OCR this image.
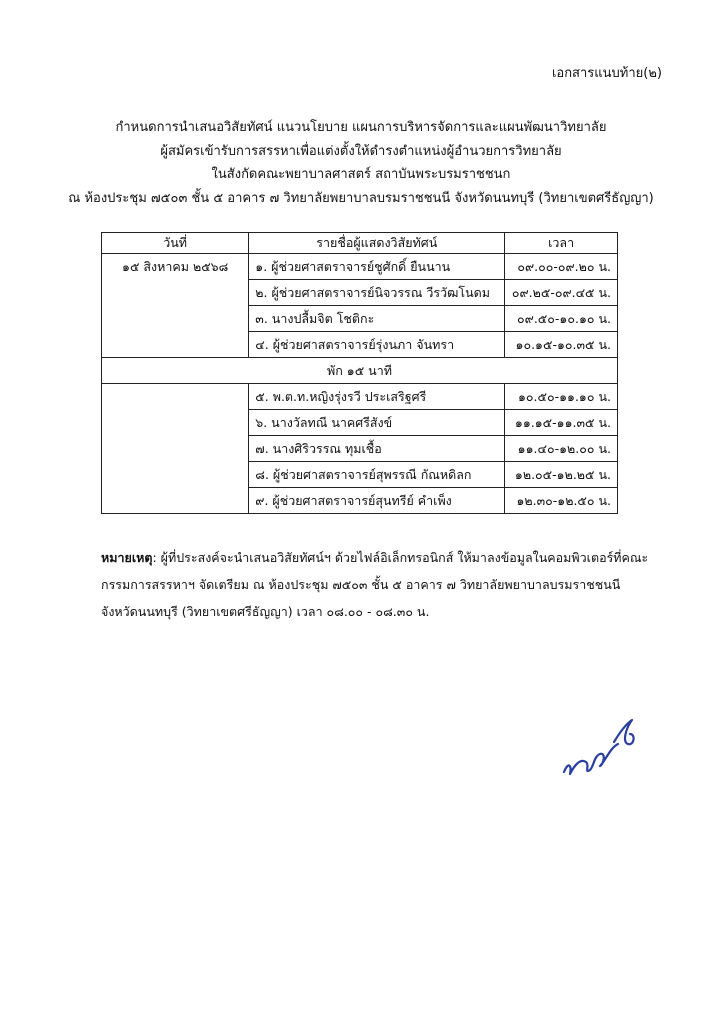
เอกสารแนบท้าย(๒)
กำหนดการนำเสนอวิสัยทัศน์ แนวนโยบาย แผนการบริหารจัดการและแผนพัฒนาวิทยาลัย
ผู้สมัครเข้ารับการสรรหาเพื่อแต่งตั้งให้ดำรงตำแหน่งผู้อำนวยการวิทยาลัย
ในสังกัดคณะพยาบาลศาสตร์ สถาบันพระบรมราชชนก
ณ ห้องประชุม ๗๕๐๓ ชั้น ๕ อาคาร ๗ วิทยาลัยพยาบาลบรมราชชนนี จังหวัดนนทบุรี (วิทยาเขตศรีธัญญา)
วันที่	รายชื่อผู้แสดงวิสัยทัศน์	เวลา
๑๕ สิงหาคม ๒๕๖๘	๑. ผู้ช่วยศาสตราจารย์ชูศักดิ์ ยืนนาน	๐๙.๐๐-๐๙.๒๐ น.
	๒. ผู้ช่วยศาสตราจารย์นิจวรรณ วีรวัฒโนดม	๐๙.๒๕-๐๙.๔๕ น.
	๓. นางปลื้มจิต โชติกะ	๐๙.๕๐-๑๐.๑๐ น.
	๔. ผู้ช่วยศาสตราจารย์รุ่งนภา จันทรา	๑๐.๑๕-๑๐.๓๕ น.
พัก ๑๕ นาที		
	๕. พ.ต.ท.หญิงรุ่งรวี ประเสริฐศรี	๑๐.๕๐-๑๑.๑๐ น.
	๖. นางวัลทณี นาคศรีสังข์	๑๑.๑๕-๑๑.๓๕ น.
	๗. นางศิริวรรณ ทุมเชื้อ	๑๑.๔๐-๑๒.๐๐ น.
	๘. ผู้ช่วยศาสตราจารย์สุพรรณี กัณหดิลก	๑๒.๐๕-๑๒.๒๕ น.
	๙. ผู้ช่วยศาสตราจารย์สุนทรีย์ คำเพ็ง	๑๒.๓๐-๑๒.๕๐ น.
หมายเหตุ: ผู้ที่ประสงค์จะนำเสนอวิสัยทัศน์ฯ ด้วยไฟล์อิเล็กทรอนิกส์ ให้มาลงข้อมูลในคอมพิวเตอร์ที่คณะกรรมการสรรหาฯ จัดเตรียม ณ ห้องประชุม ๗๕๐๓ ชั้น ๕ อาคาร ๗ วิทยาลัยพยาบาลบรมราชชนนี จังหวัดนนทบุรี (วิทยาเขตศรีธัญญา) เวลา ๐๘.๐๐ - ๐๘.๓๐ น.
